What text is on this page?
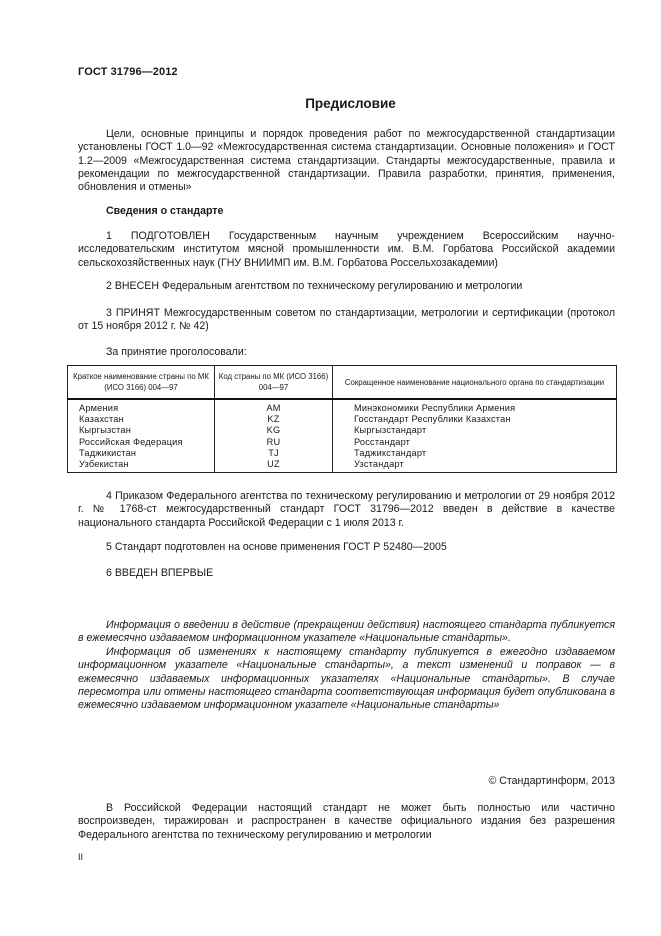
ГОСТ 31796—2012
Предисловие

Цели, основные принципы и порядок проведения работ по межгосударственной стандартизации установлены ГОСТ 1.0—92 «Межгосударственная система стандартизации. Основные положения» и ГОСТ 1.2—2009 «Межгосударственная система стандартизации. Стандарты межгосударственные, правила и рекомендации по межгосударственной стандартизации. Правила разработки, принятия, применения, обновления и отмены»

Сведения о стандарте

1 ПОДГОТОВЛЕН Государственным научным учреждением Всероссийским научно-исследовательским институтом мясной промышленности им. В.М. Горбатова Российской академии сельскохозяйственных наук (ГНУ ВНИИМП им. В.М. Горбатова Россельхозакадемии)

2 ВНЕСЕН Федеральным агентством по техническому регулированию и метрологии

3 ПРИНЯТ Межгосударственным советом по стандартизации, метрологии и сертификации (протокол от 15 ноября 2012 г. № 42)

За принятие проголосовали:

Краткое наименование страны по МК (ИСО 3166) 004—97	Код страны по МК (ИСО 3166) 004—97	Сокращенное наименование национального органа по стандартизации
Армения	AM	Минэкономики Республики Армения
Казахстан	KZ	Госстандарт Республики Казахстан
Кыргызстан	KG	Кыргызстандарт
Российская Федерация	RU	Росстандарт
Таджикистан	TJ	Таджикстандарт
Узбекистан	UZ	Узстандарт

4 Приказом Федерального агентства по техническому регулированию и метрологии от 29 ноября 2012 г. № 1768-ст межгосударственный стандарт ГОСТ 31796—2012 введен в действие в качестве национального стандарта Российской Федерации с 1 июля 2013 г.

5 Стандарт подготовлен на основе применения ГОСТ Р 52480—2005

6 ВВЕДЕН ВПЕРВЫЕ

Информация о введении в действие (прекращении действия) настоящего стандарта публикуется в ежемесячно издаваемом информационном указателе «Национальные стандарты».

Информация об изменениях к настоящему стандарту публикуется в ежегодно издаваемом информационном указателе «Национальные стандарты», а текст изменений и поправок — в ежемесячно издаваемых информационных указателях «Национальные стандарты». В случае пересмотра или отмены настоящего стандарта соответствующая информация будет опубликована в ежемесячно издаваемом информационном указателе «Национальные стандарты»

© Стандартинформ, 2013

В Российской Федерации настоящий стандарт не может быть полностью или частично воспроизведен, тиражирован и распространен в качестве официального издания без разрешения Федерального агентства по техническому регулированию и метрологии

II
